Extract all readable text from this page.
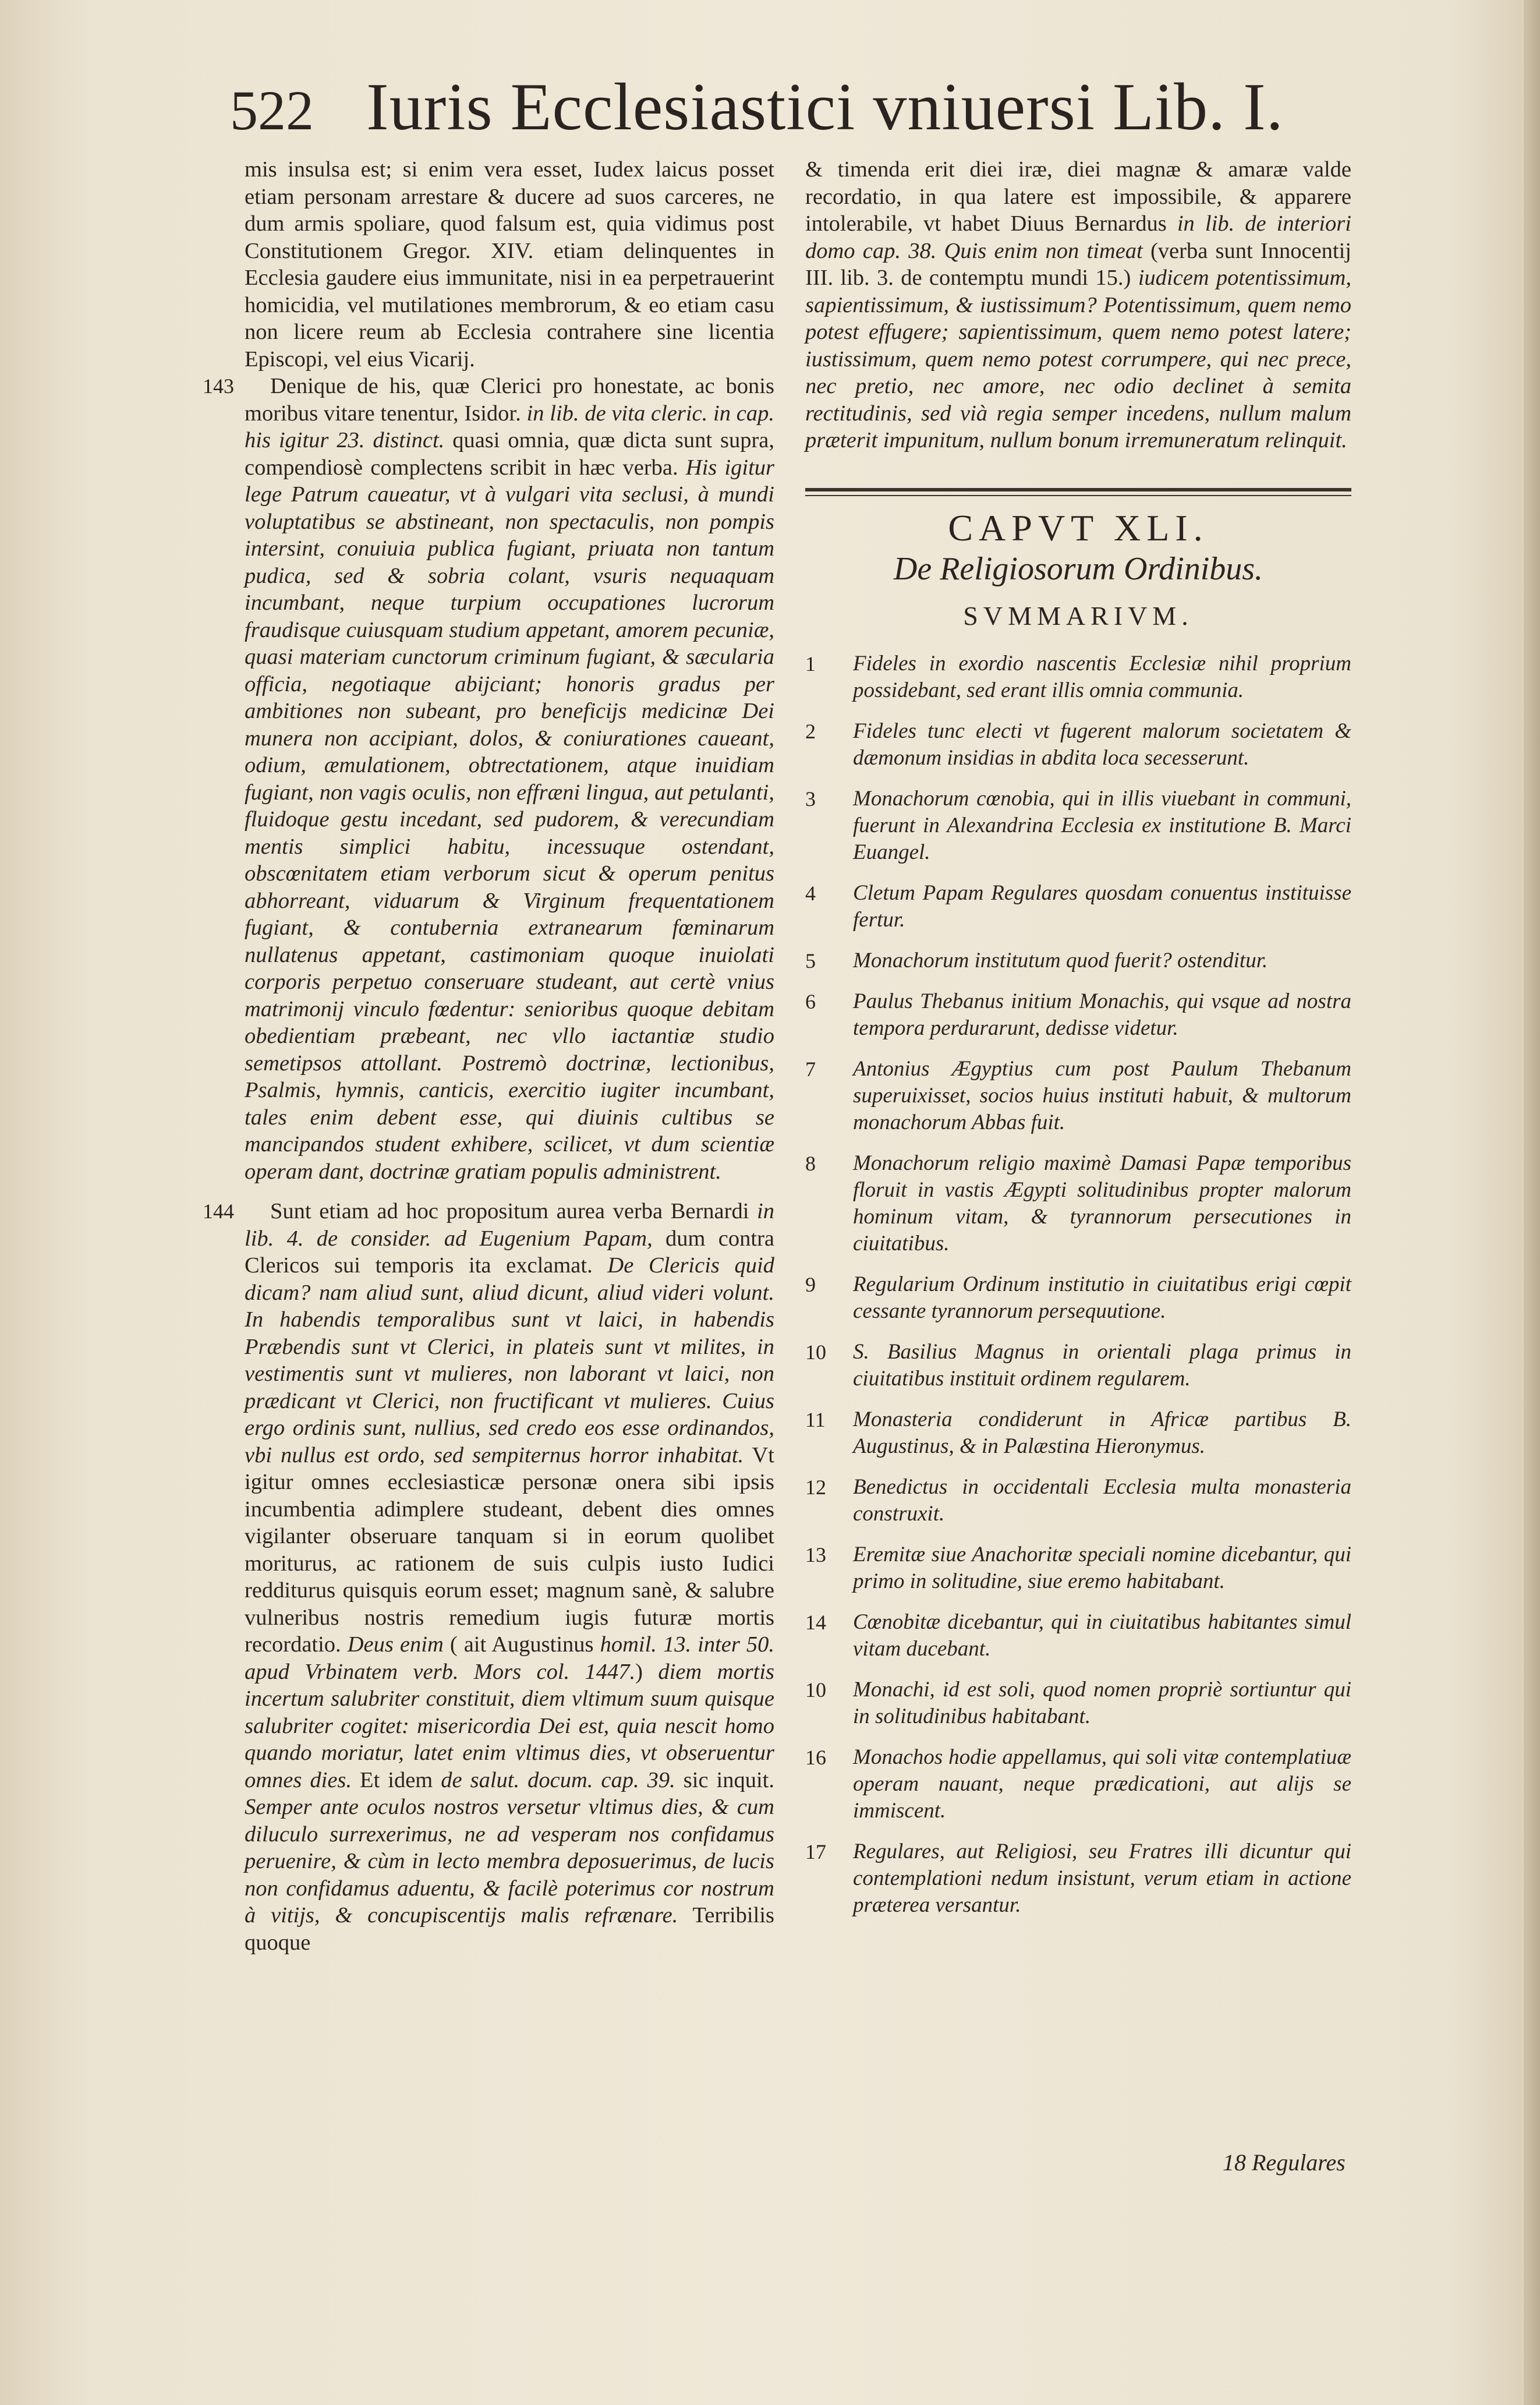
522 Iuris Ecclesiastici vniuersi Lib. I.

mis insulsa est; si enim vera esset, Iudex laicus posset etiam personam arrestare & ducere ad suos carceres, ne dum armis spoliare, quod falsum est, quia vidimus post Constitutionem Gregor. XIV. etiam delinquentes in Ecclesia gaudere eius immunitate, nisi in ea perpetrauerint homicidia, vel mutilationes membrorum, & eo etiam casu non licere reum ab Ecclesia contrahere sine licentia Episcopi, vel eius Vicarij.

143 Denique de his, quæ Clerici pro honestate, ac bonis moribus vitare tenentur, Isidor. in lib. de vita cleric. in cap. his igitur 23. distinct. quasi omnia, quæ dicta sunt supra, compendiosè complectens scribit in hæc verba. His igitur lege Patrum caueatur, vt à vulgari vita seclusi, à mundi voluptatibus se abstineant, non spectaculis, non pompis intersint, conuiuia publica fugiant, priuata non tantum pudica, sed & sobria colant, vsuris nequaquam incumbant, neque turpium occupationes lucrorum fraudisque cuiusquam studium appetant, amorem pecuniæ, quasi materiam cunctorum criminum fugiant, & sæcularia officia, negotiaque abijciant; honoris gradus per ambitiones non subeant, pro beneficijs medicinæ Dei munera non accipiant, dolos, & coniurationes caueant, odium, æmulationem, obtrectationem, atque inuidiam fugiant, non vagis oculis, non effræni lingua, aut petulanti, fluidoque gestu incedant, sed pudorem, & verecundiam mentis simplici habitu, incessuque ostendant, obscœnitatem etiam verborum sicut & operum penitus abhorreant, viduarum & Virginum frequentationem fugiant, & contubernia extranearum fœminarum nullatenus appetant, castimoniam quoque inuiolati corporis perpetuo conseruare studeant, aut certè vnius matrimonij vinculo fœdentur: senioribus quoque debitam obedientiam præbeant, nec vllo iactantiæ studio semetipsos attollant. Postremò doctrinæ, lectionibus, Psalmis, hymnis, canticis, exercitio iugiter incumbant, tales enim debent esse, qui diuinis cultibus se mancipandos student exhibere, scilicet, vt dum scientiæ operam dant, doctrinæ gratiam populis administrent.

144 Sunt etiam ad hoc propositum aurea verba Bernardi in lib. 4. de consider. ad Eugenium Papam, dum contra Clericos sui temporis ita exclamat. De Clericis quid dicam? nam aliud sunt, aliud dicunt, aliud videri volunt. In habendis temporalibus sunt vt laici, in habendis Præbendis sunt vt Clerici, in plateis sunt vt milites, in vestimentis sunt vt mulieres, non laborant vt laici, non prædicant vt Clerici, non fructificant vt mulieres. Cuius ergo ordinis sunt, nullius, sed credo eos esse ordinandos, vbi nullus est ordo, sed sempiternus horror inhabitat. Vt igitur omnes ecclesiasticæ personæ onera sibi ipsis incumbentia adimplere studeant, debent dies omnes vigilanter obseruare tanquam si in eorum quolibet moriturus, ac rationem de suis culpis iusto Iudici redditurus quisquis eorum esset; magnum sanè, & salubre vulneribus nostris remedium iugis futuræ mortis recordatio. Deus enim ( ait Augustinus homil. 13. inter 50. apud Vrbinatem verb. Mors col. 1447.) diem mortis incertum salubriter constituit, diem vltimum suum quisque salubriter cogitet: misericordia Dei est, quia nescit homo quando moriatur, latet enim vltimus dies, vt obseruentur omnes dies. Et idem de salut. docum. cap. 39. sic inquit. Semper ante oculos nostros versetur vltimus dies, & cum diluculo surrexerimus, ne ad vesperam nos confidamus peruenire, & cùm in lecto membra deposuerimus, de lucis non confidamus aduentu, & facilè poterimus cor nostrum à vitijs, & concupiscentijs malis refrænare. Terribilis quoque

& timenda erit diei iræ, diei magnæ & amaræ valde recordatio, in qua latere est impossibile, & apparere intolerabile, vt habet Diuus Bernardus in lib. de interiori domo cap. 38. Quis enim non timeat (verba sunt Innocentij III. lib. 3. de contemptu mundi 15.) iudicem potentissimum, sapientissimum, & iustissimum? Potentissimum, quem nemo potest effugere; sapientissimum, quem nemo potest latere; iustissimum, quem nemo potest corrumpere, qui nec prece, nec pretio, nec amore, nec odio declinet à semita rectitudinis, sed vià regia semper incedens, nullum malum præterit impunitum, nullum bonum irremuneratum relinquit.

CAPVT XLI.
De Religiosorum Ordinibus.
SVMMARIVM.
1	Fideles in exordio nascentis Ecclesiæ nihil proprium possidebant, sed erant illis omnia communia.
2	Fideles tunc electi vt fugerent malorum societatem & dæmonum insidias in abdita loca secesserunt.
3	Monachorum cœnobia, qui in illis viuebant in communi, fuerunt in Alexandrina Ecclesia ex institutione B. Marci Euangel.
4	Cletum Papam Regulares quosdam conuentus instituisse fertur.
5	Monachorum institutum quod fuerit? ostenditur.
6	Paulus Thebanus initium Monachis, qui vsque ad nostra tempora perdurarunt, dedisse videtur.
7	Antonius Ægyptius cum post Paulum Thebanum superuixisset, socios huius instituti habuit, & multorum monachorum Abbas fuit.
8	Monachorum religio maximè Damasi Papæ temporibus floruit in vastis Ægypti solitudinibus propter malorum hominum vitam, & tyrannorum persecutiones in ciuitatibus.
9	Regularium Ordinum institutio in ciuitatibus erigi cœpit cessante tyrannorum persequutione.
10	S. Basilius Magnus in orientali plaga primus in ciuitatibus instituit ordinem regularem.
11	Monasteria condiderunt in Africæ partibus B. Augustinus, & in Palæstina Hieronymus.
12	Benedictus in occidentali Ecclesia multa monasteria construxit.
13	Eremitæ siue Anachoritæ speciali nomine dicebantur, qui primo in solitudine, siue eremo habitabant.
14	Cœnobitæ dicebantur, qui in ciuitatibus habitantes simul vitam ducebant.
10	Monachi, id est soli, quod nomen propriè sortiuntur qui in solitudinibus habitabant.
16	Monachos hodie appellamus, qui soli vitæ contemplatiuæ operam nauant, neque prædicationi, aut alijs se immiscent.
17	Regulares, aut Religiosi, seu Fratres illi dicuntur qui contemplationi nedum insistunt, verum etiam in actione præterea versantur.
18 Regulares
